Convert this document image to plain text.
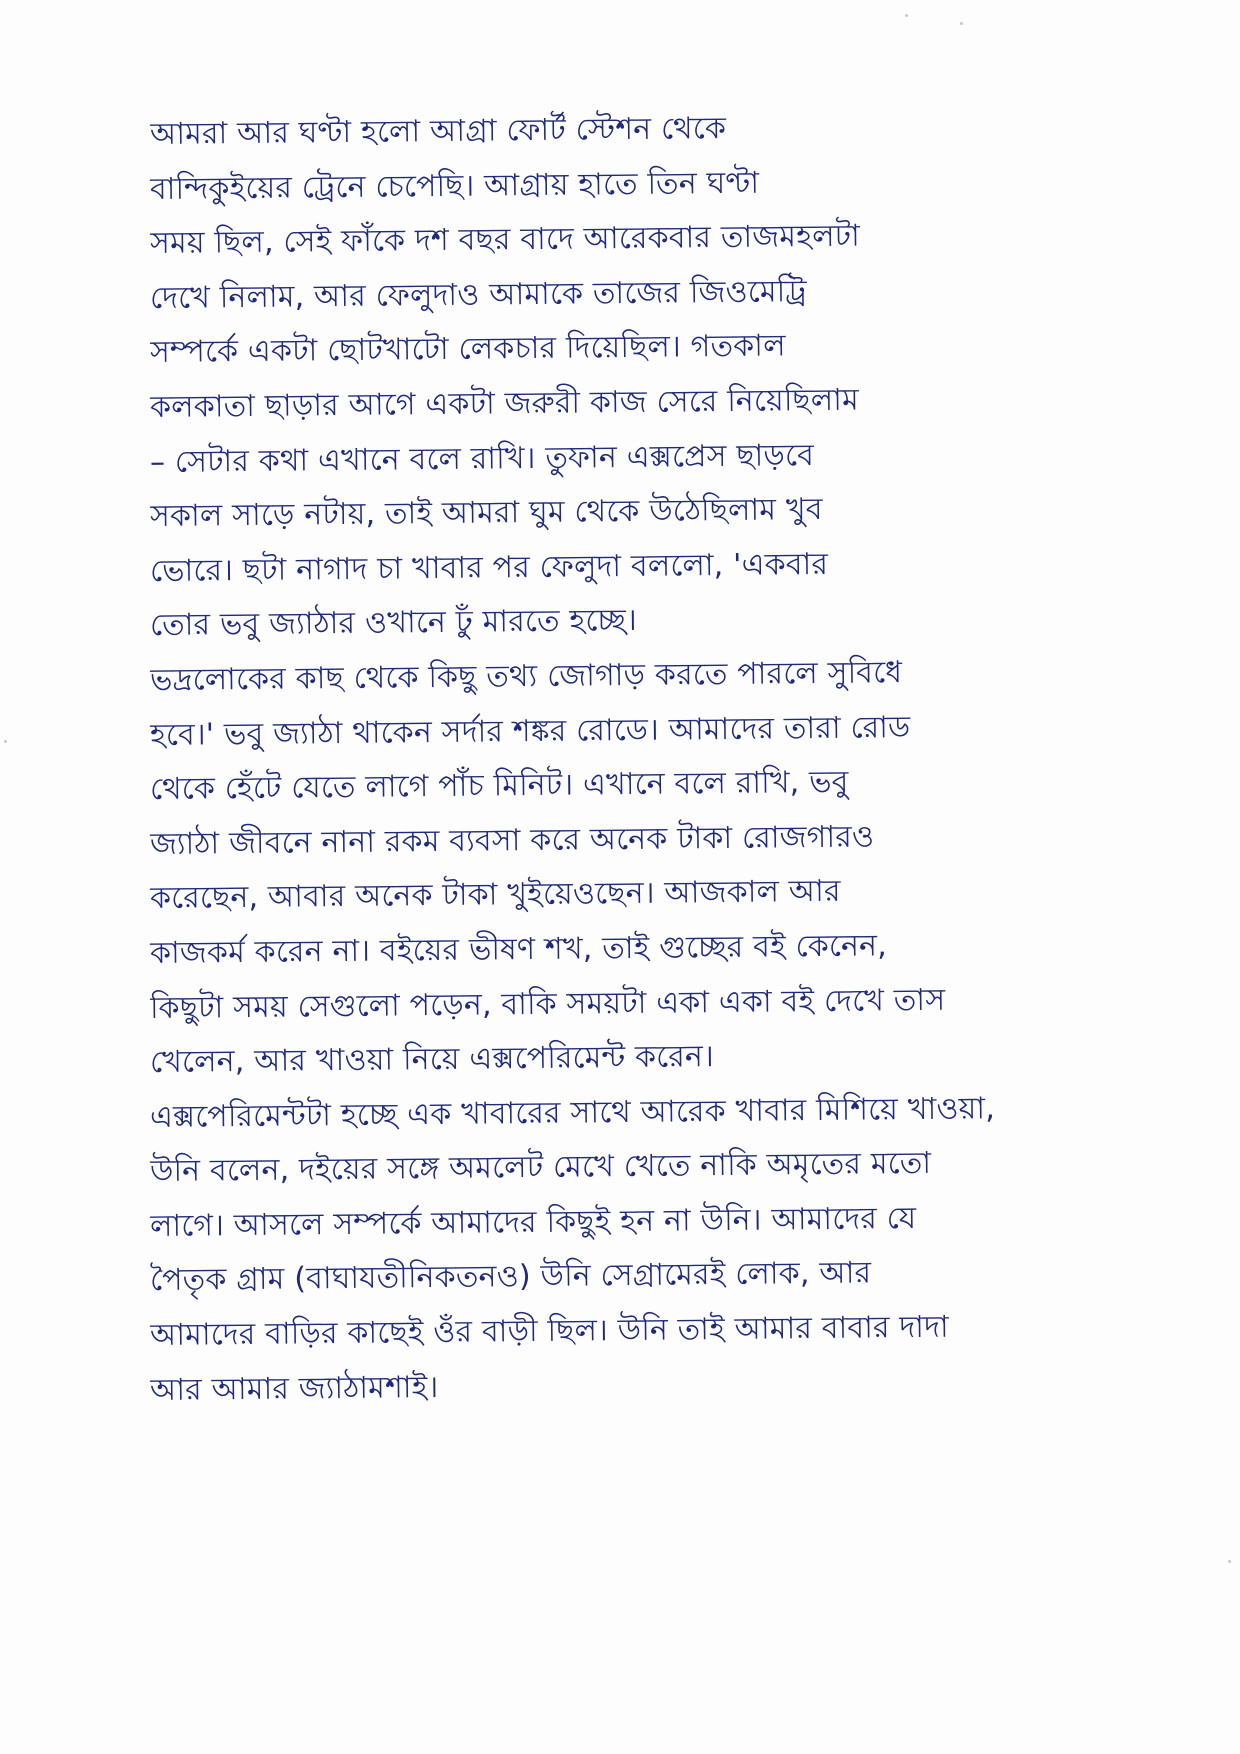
আমরা আর ঘণ্টা হলো আগ্রা ফোর্ট স্টেশন থেকে
বান্দিকুইয়ের ট্রেনে চেপেছি। আগ্রায় হাতে তিন ঘণ্টা
সময় ছিল, সেই ফাঁকে দশ বছর বাদে আরেকবার তাজমহলটা
দেখে নিলাম, আর ফেলুদাও আমাকে তাজের জিওমেট্রি
সম্পর্কে একটা ছোটখাটো লেকচার দিয়েছিল। গতকাল
কলকাতা ছাড়ার আগে একটা জরুরী কাজ সেরে নিয়েছিলাম
– সেটার কথা এখানে বলে রাখি। তুফান এক্সপ্রেস ছাড়বে
সকাল সাড়ে নটায়, তাই আমরা ঘুম থেকে উঠেছিলাম খুব
ভোরে। ছটা নাগাদ চা খাবার পর ফেলুদা বললো, 'একবার
তোর ভবু জ্যাঠার ওখানে ঢুঁ মারতে হচ্ছে।
ভদ্রলোকের কাছ থেকে কিছু তথ্য জোগাড় করতে পারলে সুবিধে
হবে।' ভবু জ্যাঠা থাকেন সর্দার শঙ্কর রোডে। আমাদের তারা রোড
থেকে হেঁটে যেতে লাগে পাঁচ মিনিট। এখানে বলে রাখি, ভবু
জ্যাঠা জীবনে নানা রকম ব্যবসা করে অনেক টাকা রোজগারও
করেছেন, আবার অনেক টাকা খুইয়েওছেন। আজকাল আর
কাজকর্ম করেন না। বইয়ের ভীষণ শখ, তাই গুচ্ছের বই কেনেন,
কিছুটা সময় সেগুলো পড়েন, বাকি সময়টা একা একা বই দেখে তাস
খেলেন, আর খাওয়া নিয়ে এক্সপেরিমেন্ট করেন।
এক্সপেরিমেন্টটা হচ্ছে এক খাবারের সাথে আরেক খাবার মিশিয়ে খাওয়া,
উনি বলেন, দইয়ের সঙ্গে অমলেট মেখে খেতে নাকি অমৃতের মতো
লাগে। আসলে সম্পর্কে আমাদের কিছুই হন না উনি। আমাদের যে
পৈতৃক গ্রাম (বাঘাযতীনিকতনও) উনি সেগ্রামেরই লোক, আর
আমাদের বাড়ির কাছেই ওঁর বাড়ী ছিল। উনি তাই আমার বাবার দাদা
আর আমার জ্যাঠামশাই।
